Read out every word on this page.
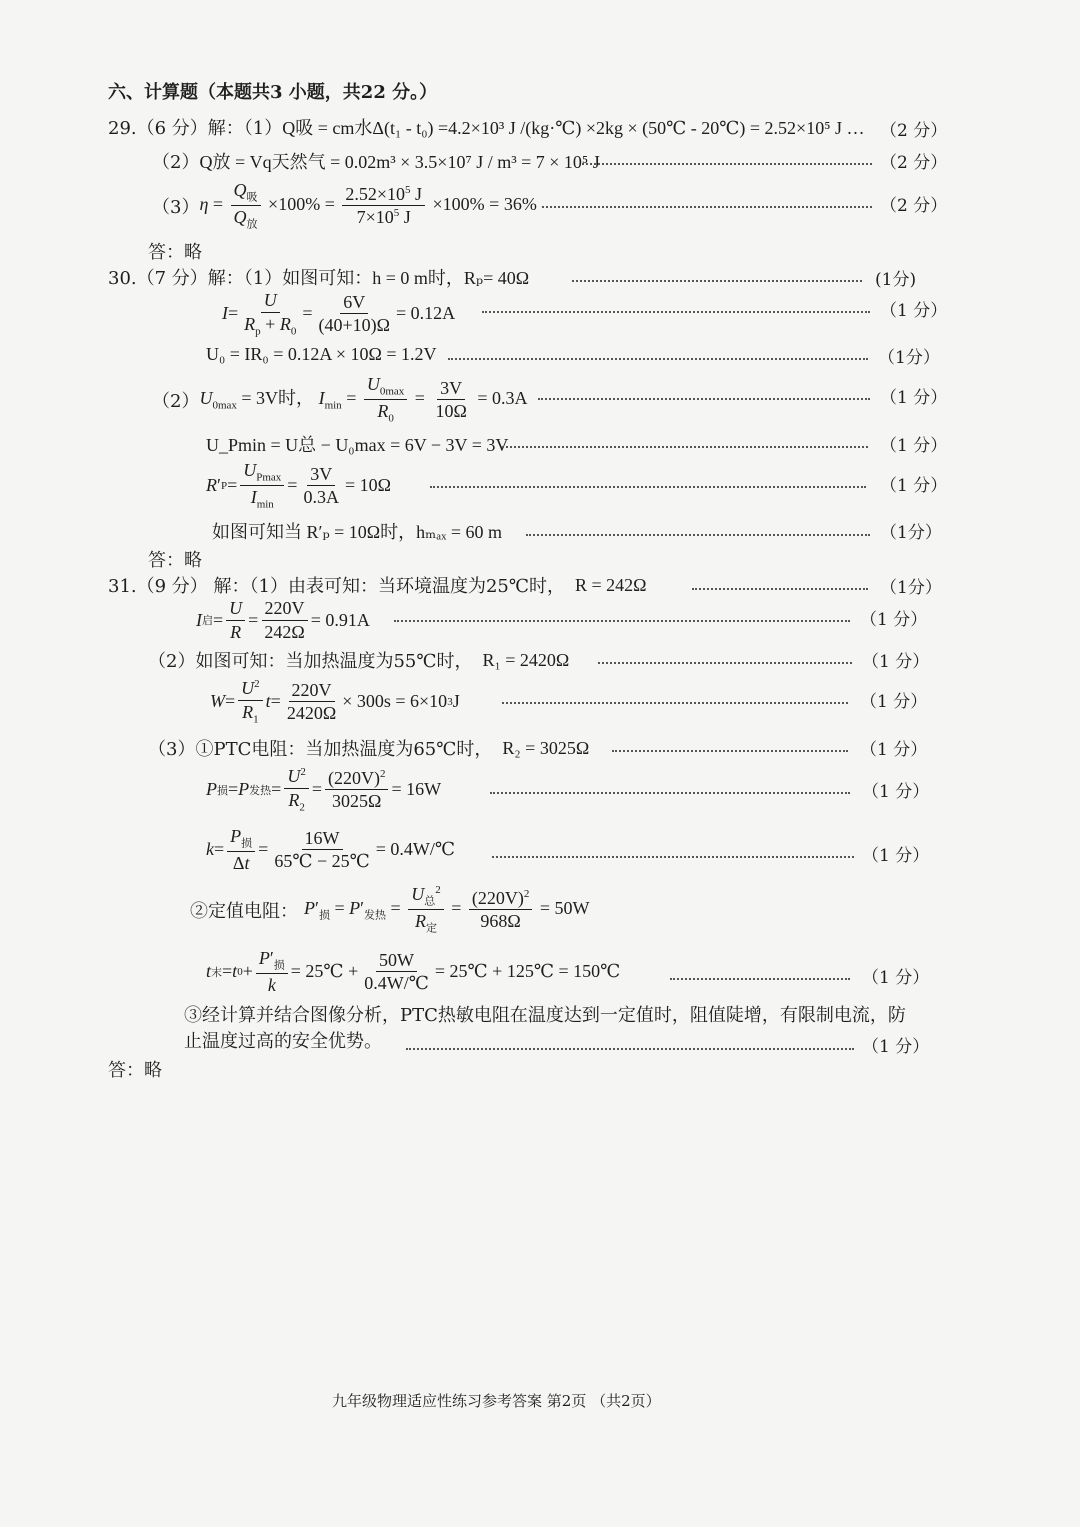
六、计算题（本题共3 小题，共22 分。）
29.（6 分）解：（1） Q吸 = cm水Δ(t₁ - t₀) =4.2×10³ J /(kg·℃) ×2kg × (50℃ - 20℃) = 2.52×10⁵ J … （2 分）
（2） Q放 = Vq天然气 = 0.02m³ × 3.5×10⁷ J / m³ = 7 × 10⁵ J	（2 分）
（3） $\eta = \frac{Q_吸}{Q_放} \times 100\% = \frac{2.52\times 10^5 J}{7\times 10^5 J} \times 100\% = 36\%$	（2 分）
答：略
30.（7 分）解：（1）如图可知： h = 0 m时，Rₚ= 40Ω	(1分)
$I = \frac{U}{R_p + R_0} = \frac{6V}{(40+10)\Omega} = 0.12A$	（1 分）
U₀ = IR₀ = 0.12A × 10Ω = 1.2V	（1分）
（2） $U_{0max} = 3V$时， $I_{min} = \frac{U_{0max}}{R_0} = \frac{3V}{10\Omega} = 0.3A$	（1 分）
U_Pmin = U总 − U₀max = 6V − 3V = 3V	（1 分）
R ′ $P = \frac{U_{Pmax}}{I_{min}} = \frac{3V}{0.3A} = 10\Omega$	（1 分）
如图可知当 R′ₚ = 10Ω时，hₘₐₓ = 60 m	（1分）
答：略
31.（9 分） 解：（1）由表可知：当环境温度为25℃时， R = 242Ω	（1分）
I 启 = $\frac{U}{R} = \frac{220V}{242\Omega} = 0.91A$	（1 分）
（2）如图可知：当加热温度为55℃时， R₁ = 2420Ω	（1 分）
$W = \frac{U^2}{R_1}$ $t = \frac{220V}{2420\Omega} \times 300s = 6\times 10$ 3 J	（1 分）
（3）①PTC电阻：当加热温度为65℃时， R₂ = 3025Ω	（1 分）
P 损 = P 发热 = $\frac{U^2}{R_2} = \frac{(220V)^2}{3025\Omega} = 16W$	（1 分）
$k = \frac{P_损}{\Delta t} = \frac{16W}{65℃ - 25℃}$ = 0.4W/℃	（1 分）
②定值电阻： $P'_损 = P'_{发热} = \frac{U_总^2}{R_定} = \frac{(220V)^2}{968\Omega} = 50W$
t 末 = t $0 + \frac{P'_损}{k}$ = 25℃ + $\frac{50W}{0.4W/℃}$ = 25℃ + 125℃ = 150℃	（1 分）
③经计算并结合图像分析，PTC热敏电阻在温度达到一定值时，阻值陡增，有限制电流，防
止温度过高的安全优势。	（1 分）
答：略
九年级物理适应性练习参考答案 第2页 （共2页）
